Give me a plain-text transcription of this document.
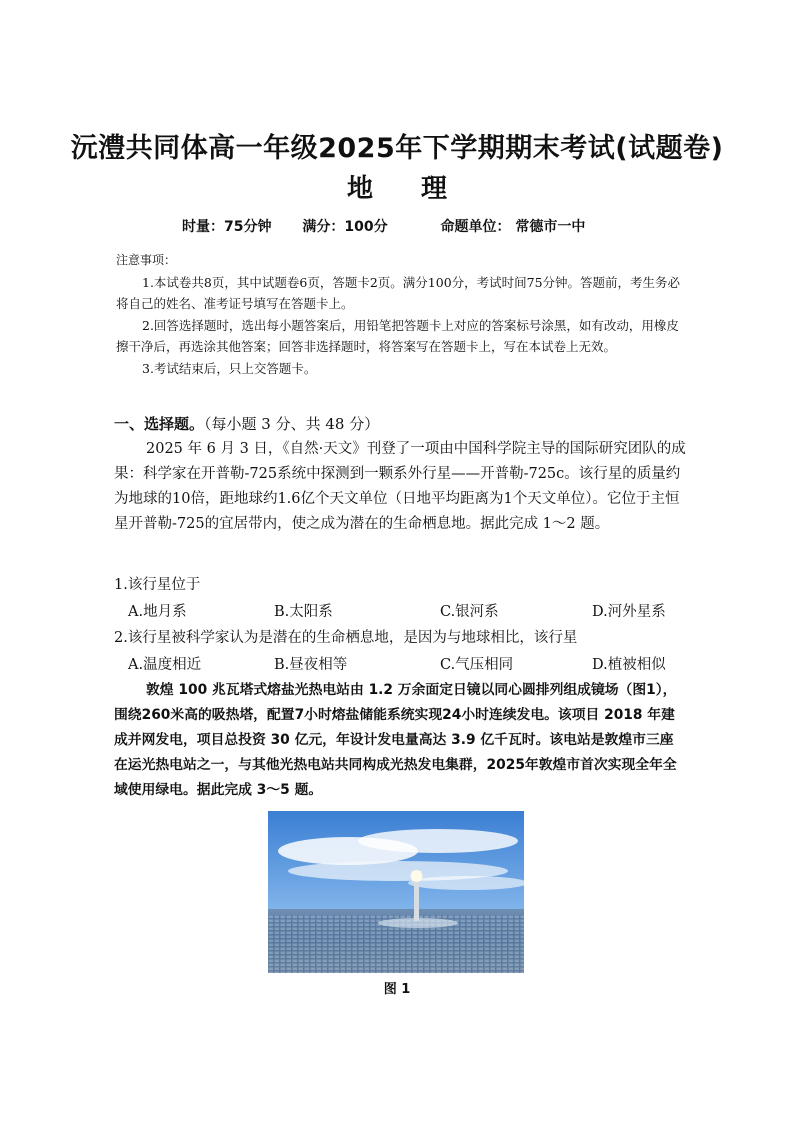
沅澧共同体高一年级2025年下学期期末考试(试题卷)
地 理
时量：75分钟 满分：100分	命题单位： 常德市一中
注意事项：

1.本试卷共8页，其中试题卷6页，答题卡2页。满分100分，考试时间75分钟。答题前，考生务必将自己的姓名、准考证号填写在答题卡上。

2.回答选择题时，选出每小题答案后，用铅笔把答题卡上对应的答案标号涂黑，如有改动，用橡皮擦干净后，再选涂其他答案；回答非选择题时，将答案写在答题卡上，写在本试卷上无效。

3.考试结束后，只上交答题卡。

一、选择题。（每小题 3 分、共 48 分）

2025 年 6 月 3 日，《自然·天文》刊登了一项由中国科学院主导的国际研究团队的成果：科学家在开普勒-725系统中探测到一颗系外行星——开普勒-725c。该行星的质量约为地球的10倍，距地球约1.6亿个天文单位（日地平均距离为1个天文单位）。它位于主恒星开普勒-725的宜居带内，使之成为潜在的生命栖息地。据此完成 1～2 题。

1.该行星位于
A.地月系	B.太阳系	C.银河系	D.河外星系
2.该行星被科学家认为是潜在的生命栖息地，是因为与地球相比，该行星
A.温度相近	B.昼夜相等	C.气压相同	D.植被相似

敦煌 100 兆瓦塔式熔盐光热电站由 1.2 万余面定日镜以同心圆排列组成镜场（图1），围绕260米高的吸热塔，配置7小时熔盐储能系统实现24小时连续发电。该项目 2018 年建成并网发电，项目总投资 30 亿元，年设计发电量高达 3.9 亿千瓦时。该电站是敦煌市三座在运光热电站之一，与其他光热电站共同构成光热发电集群，2025年敦煌市首次实现全年全域使用绿电。据此完成 3～5 题。

图 1
